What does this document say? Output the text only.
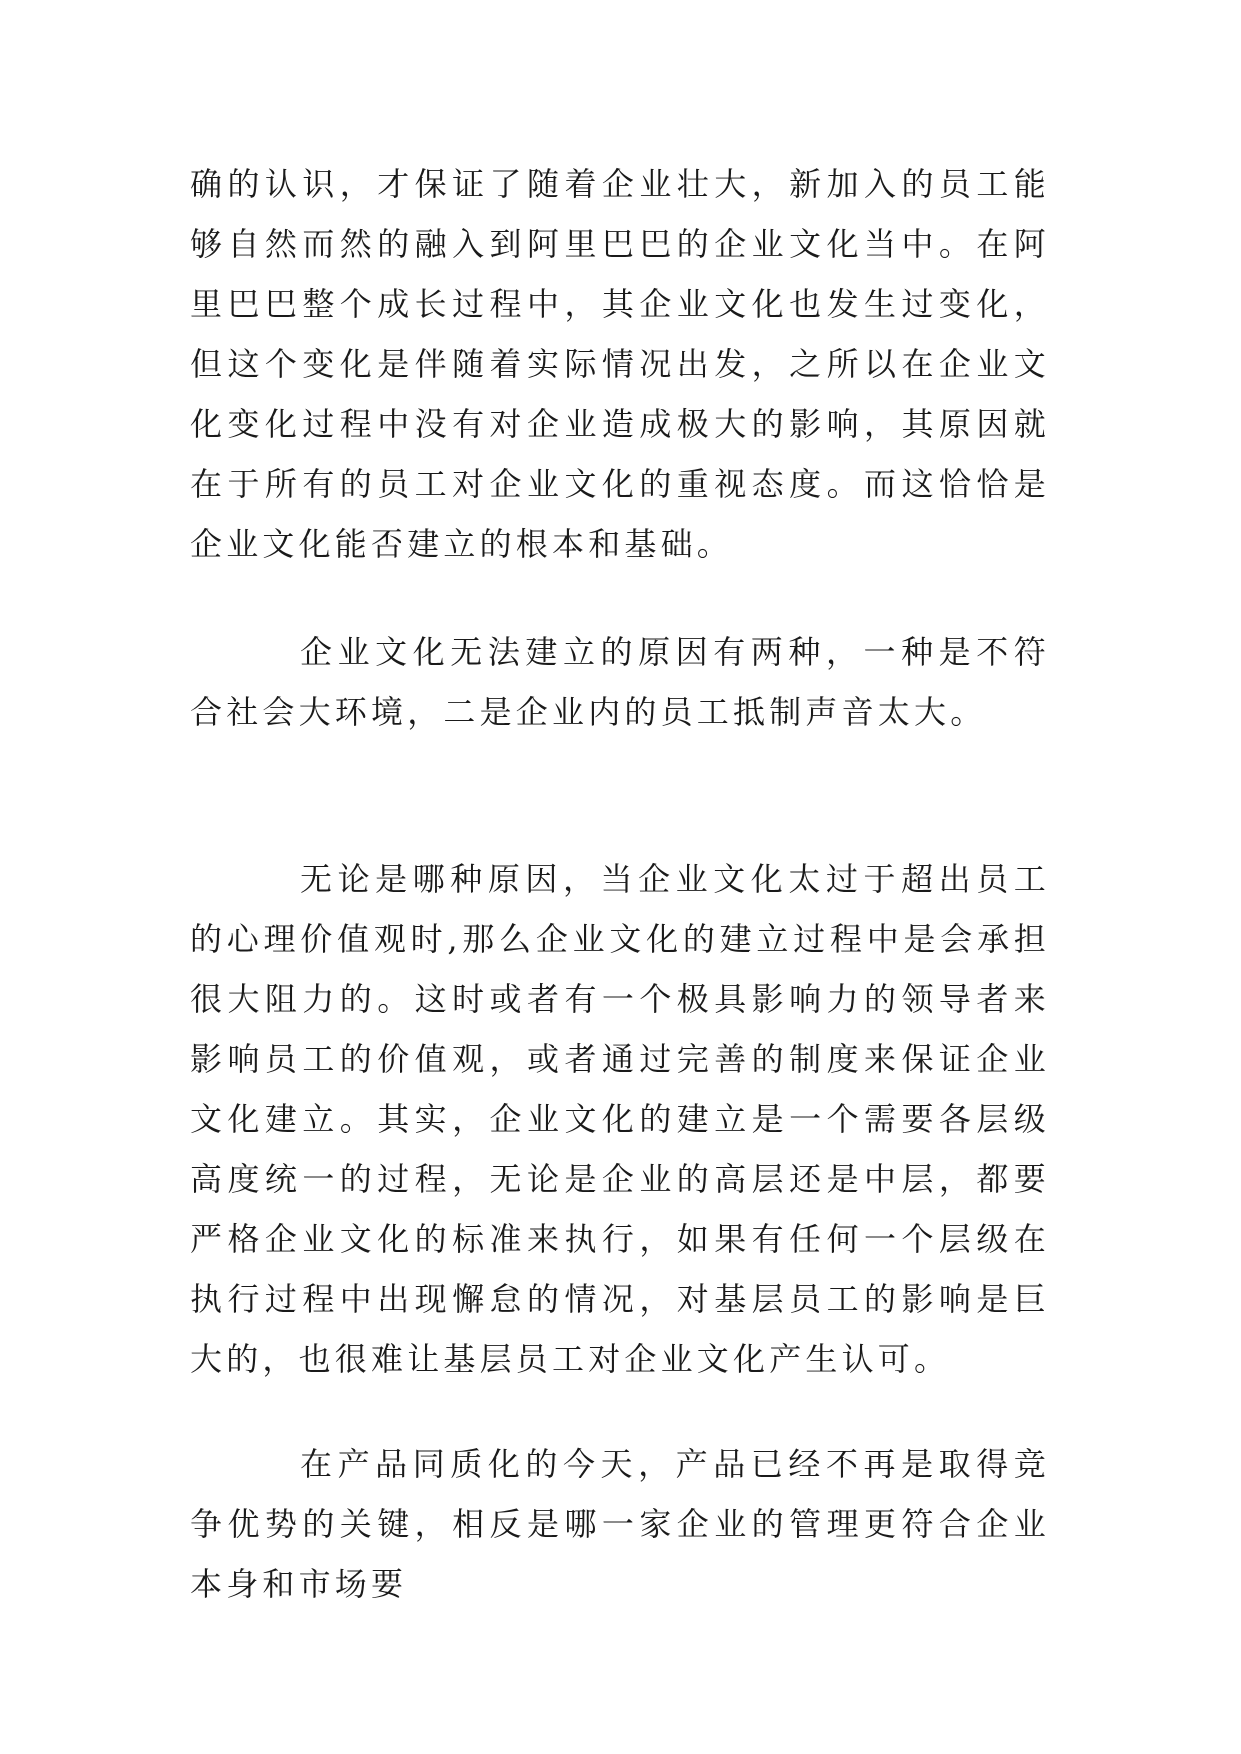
确的认识，才保证了随着企业壮大，新加入的员工能够自然而然的融入到阿里巴巴的企业文化当中。在阿里巴巴整个成长过程中，其企业文化也发生过变化，但这个变化是伴随着实际情况出发，之所以在企业文化变化过程中没有对企业造成极大的影响，其原因就在于所有的员工对企业文化的重视态度。而这恰恰是企业文化能否建立的根本和基础。

企业文化无法建立的原因有两种，一种是不符合社会大环境，二是企业内的员工抵制声音太大。

无论是哪种原因，当企业文化太过于超出员工的心理价值观时,那么企业文化的建立过程中是会承担很大阻力的。这时或者有一个极具影响力的领导者来影响员工的价值观，或者通过完善的制度来保证企业文化建立。其实，企业文化的建立是一个需要各层级高度统一的过程，无论是企业的高层还是中层，都要严格企业文化的标准来执行，如果有任何一个层级在执行过程中出现懈怠的情况，对基层员工的影响是巨大的，也很难让基层员工对企业文化产生认可。

在产品同质化的今天，产品已经不再是取得竞争优势的关键，相反是哪一家企业的管理更符合企业本身和市场要
